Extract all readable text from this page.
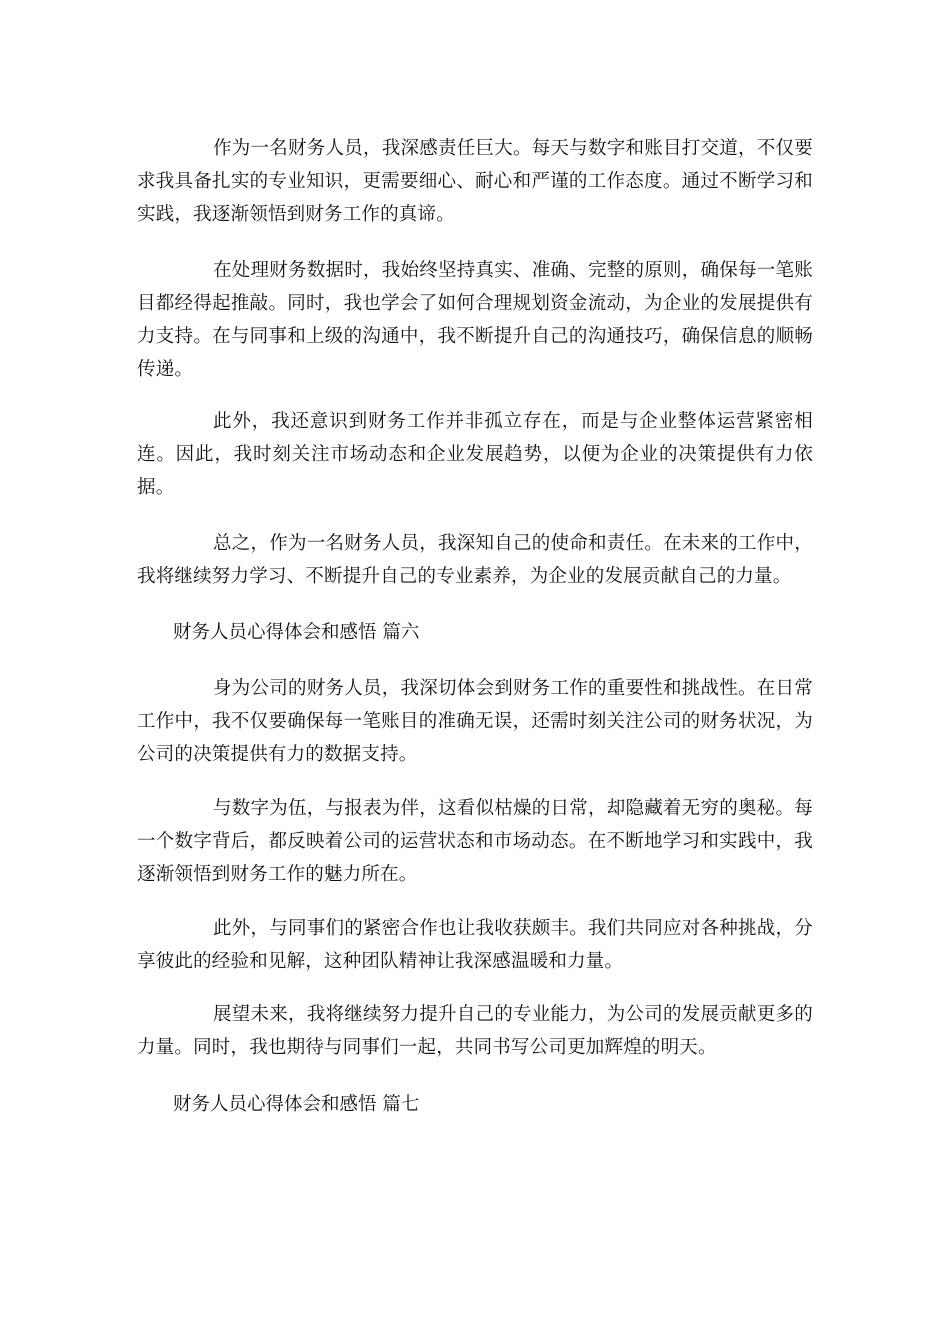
作为一名财务人员，我深感责任巨大。每天与数字和账目打交道，不仅要求我具备扎实的专业知识，更需要细心、耐心和严谨的工作态度。通过不断学习和实践，我逐渐领悟到财务工作的真谛。

在处理财务数据时，我始终坚持真实、准确、完整的原则，确保每一笔账目都经得起推敲。同时，我也学会了如何合理规划资金流动，为企业的发展提供有力支持。在与同事和上级的沟通中，我不断提升自己的沟通技巧，确保信息的顺畅传递。

此外，我还意识到财务工作并非孤立存在，而是与企业整体运营紧密相连。因此，我时刻关注市场动态和企业发展趋势，以便为企业的决策提供有力依据。

总之，作为一名财务人员，我深知自己的使命和责任。在未来的工作中，我将继续努力学习、不断提升自己的专业素养，为企业的发展贡献自己的力量。

财务人员心得体会和感悟 篇六

身为公司的财务人员，我深切体会到财务工作的重要性和挑战性。在日常工作中，我不仅要确保每一笔账目的准确无误，还需时刻关注公司的财务状况，为公司的决策提供有力的数据支持。

与数字为伍，与报表为伴，这看似枯燥的日常，却隐藏着无穷的奥秘。每一个数字背后，都反映着公司的运营状态和市场动态。在不断地学习和实践中，我逐渐领悟到财务工作的魅力所在。

此外，与同事们的紧密合作也让我收获颇丰。我们共同应对各种挑战，分享彼此的经验和见解，这种团队精神让我深感温暖和力量。

展望未来，我将继续努力提升自己的专业能力，为公司的发展贡献更多的力量。同时，我也期待与同事们一起，共同书写公司更加辉煌的明天。

财务人员心得体会和感悟 篇七
